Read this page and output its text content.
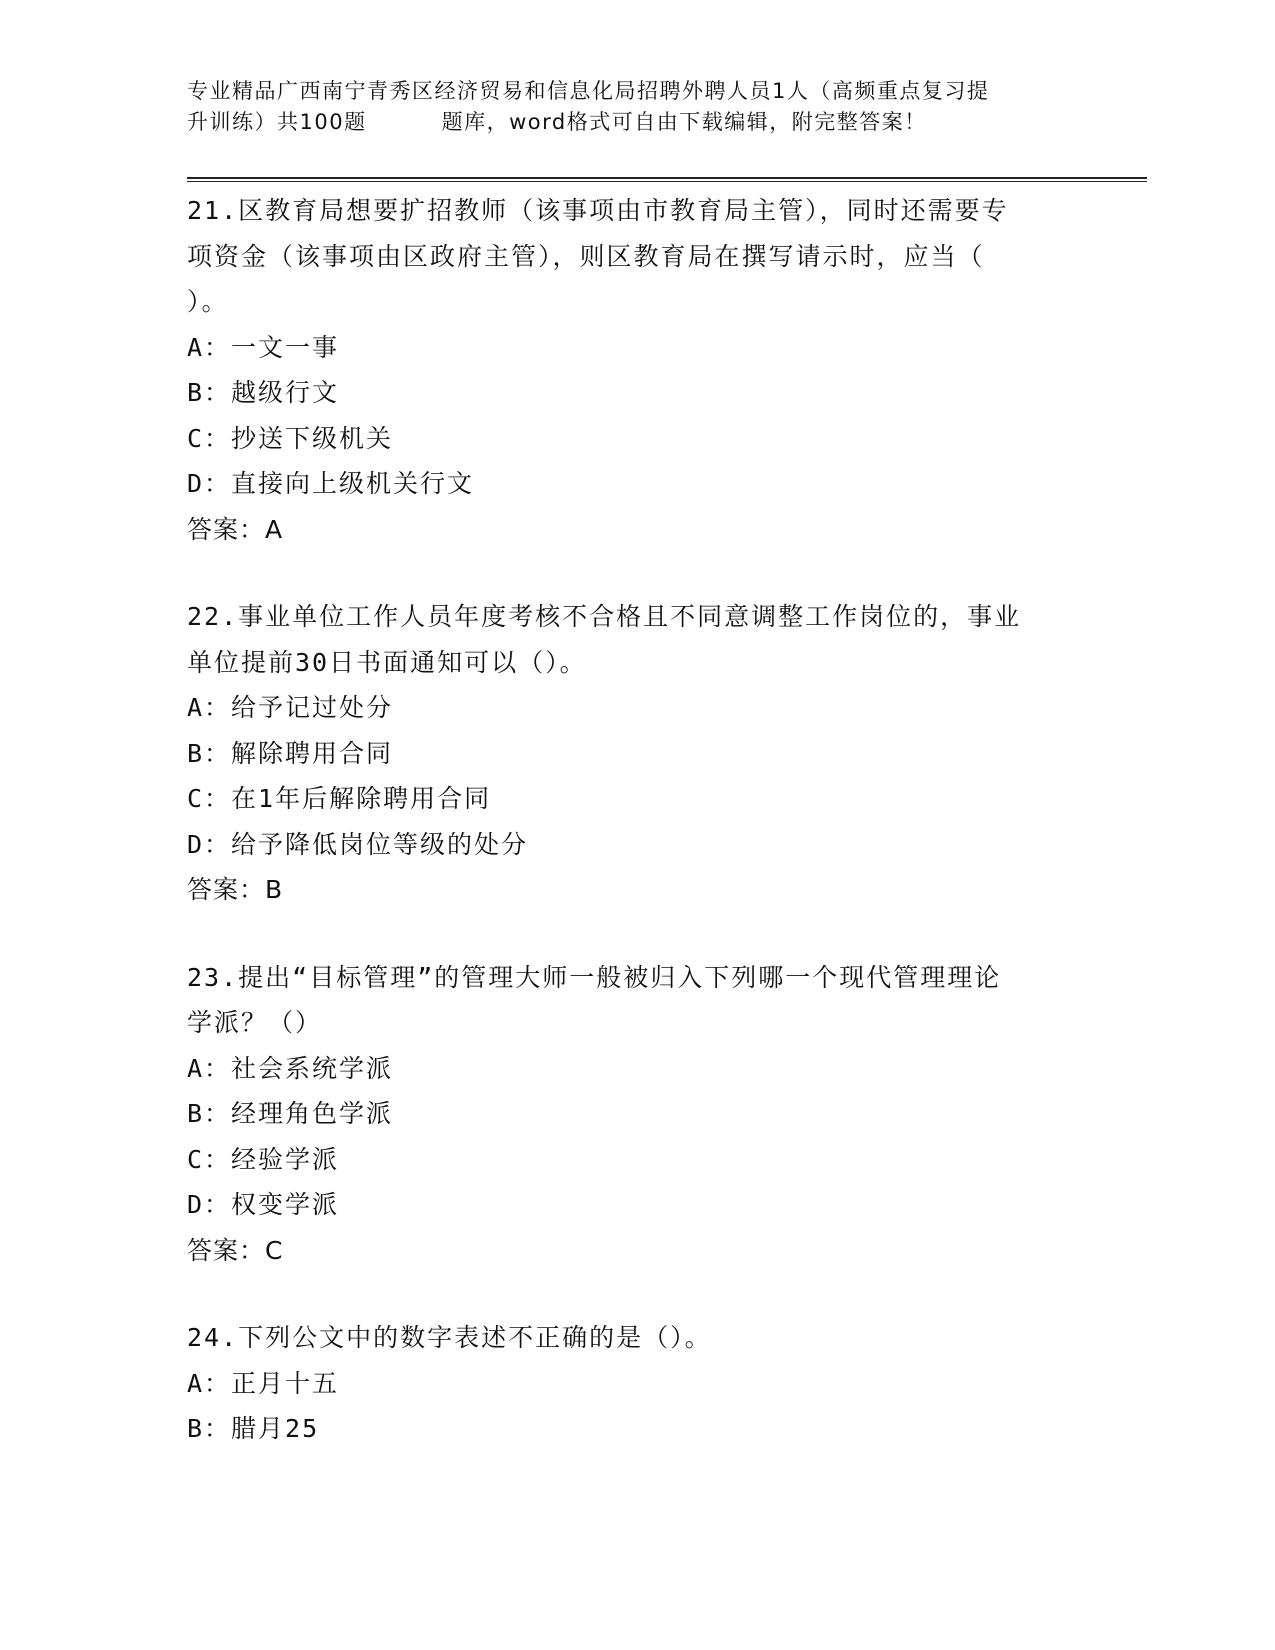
专业精品广西南宁青秀区经济贸易和信息化局招聘外聘人员1人（高频重点复习提
升训练）共100题	题库，word格式可自由下载编辑，附完整答案！
21.区教育局想要扩招教师（该事项由市教育局主管），同时还需要专
项资金（该事项由区政府主管），则区教育局在撰写请示时，应当（
）。
A：一文一事
B：越级行文
C：抄送下级机关
D：直接向上级机关行文
答案：A
22.事业单位工作人员年度考核不合格且不同意调整工作岗位的，事业
单位提前30日书面通知可以（）。
A：给予记过处分
B：解除聘用合同
C：在1年后解除聘用合同
D：给予降低岗位等级的处分
答案：B
23.提出“目标管理”的管理大师一般被归入下列哪一个现代管理理论
学派？（）
A：社会系统学派
B：经理角色学派
C：经验学派
D：权变学派
答案：C
24.下列公文中的数字表述不正确的是（）。
A：正月十五
B：腊月25
